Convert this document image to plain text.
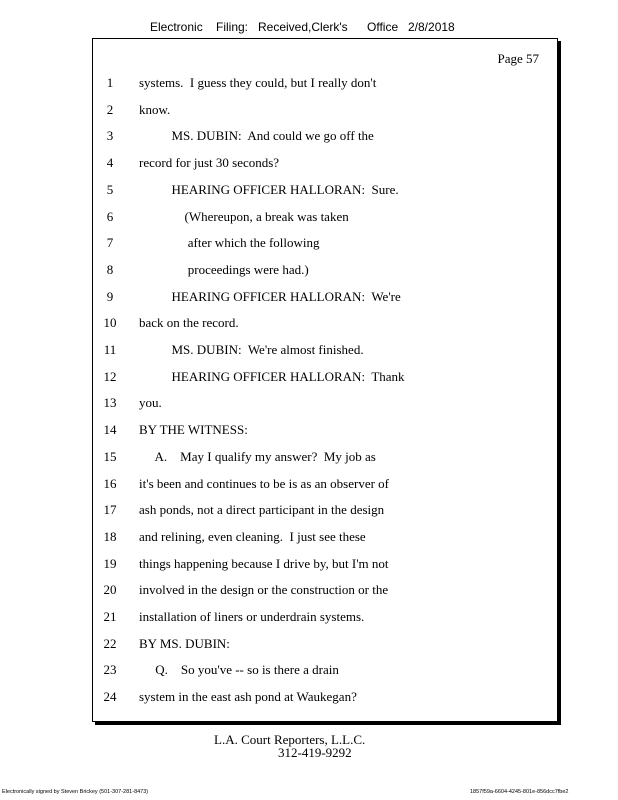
Electronic Filing: Received,Clerk's Office 2/8/2018
Page 57
1	systems.  I guess they could, but I really don't
2	know.
3	MS. DUBIN:  And could we go off the
4	record for just 30 seconds?
5	HEARING OFFICER HALLORAN:  Sure.
6	(Whereupon, a break was taken
7	after which the following
8	proceedings were had.)
9	HEARING OFFICER HALLORAN:  We're
10	back on the record.
11	MS. DUBIN:  We're almost finished.
12	HEARING OFFICER HALLORAN:  Thank
13	you.
14	BY THE WITNESS:
15	A.    May I qualify my answer?  My job as
16	it's been and continues to be is as an observer of
17	ash ponds, not a direct participant in the design
18	and relining, even cleaning.  I just see these
19	things happening because I drive by, but I'm not
20	involved in the design or the construction or the
21	installation of liners or underdrain systems.
22	BY MS. DUBIN:
23	Q.    So you've -- so is there a drain
24	system in the east ash pond at Waukegan?
L.A. Court Reporters, L.L.C.
312-419-9292
Electronically signed by Steven Brickey (501-307-281-8473)	1857f59a-6604-4245-801e-856dcc7fbe2
